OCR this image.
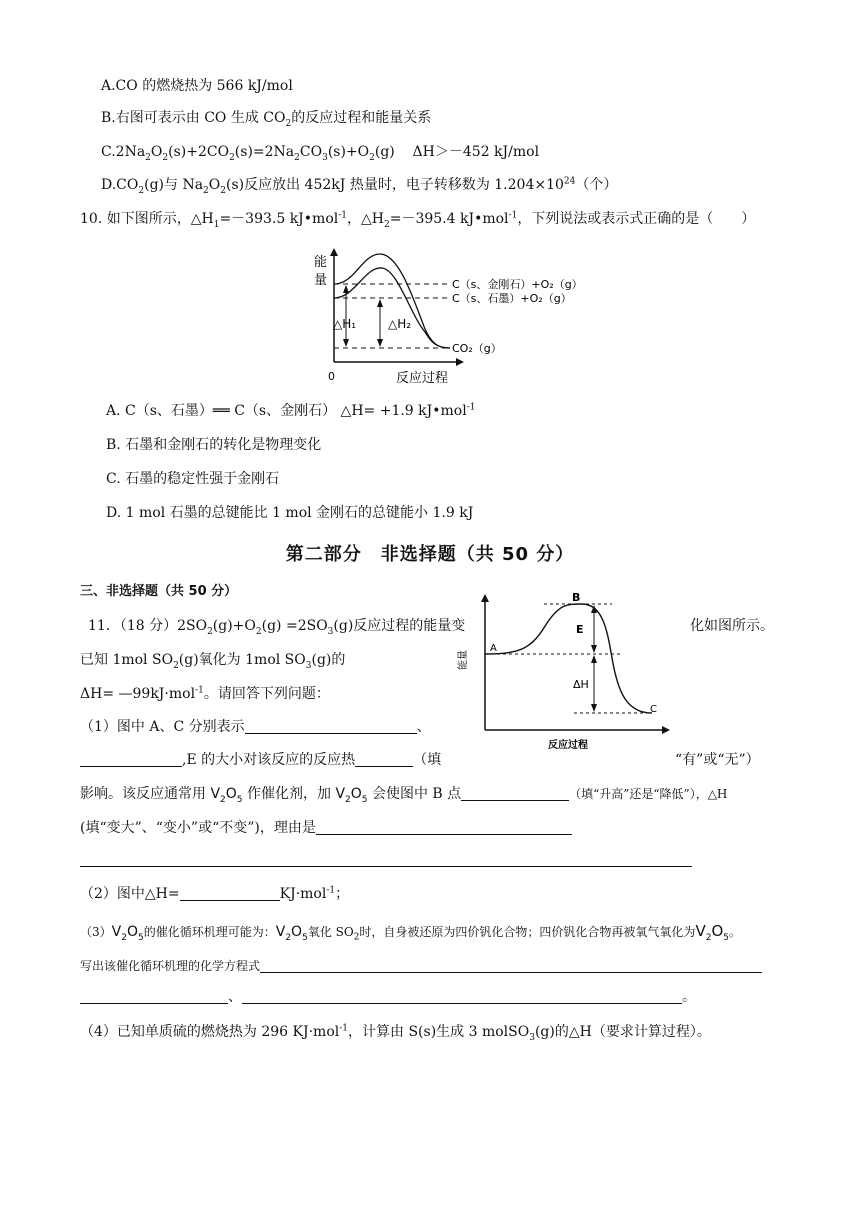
A.CO 的燃烧热为 566 kJ/mol
B.右图可表示由 CO 生成 $CO_2$的反应过程和能量关系
$C.2Na_2O_2(s)+2CO_2(s)=2Na_2CO_3(s)+O_2(g)$    ΔH＞－452 kJ/mol
$D.CO_2(g)$与 $Na_2O_2(s)$反应放出 452kJ 热量时，电子转移数为 $1.204\times 10^{24}$（个）
10. 如下图所示，$\triangle H_1=-393.5$ kJ•mol$^{-1}$，$\triangle H_2=-395.4$ kJ•mol$^{-1}$，下列说法或表示式正确的是（　　）
能
量
0	反应过程
△H₁	△H₂
C（s、金刚石）+O₂（g）
C（s、石墨）+O₂（g）
CO₂（g）
A. C（s、石墨）══ C（s、金刚石） △H= +1.9 kJ•mol$^{-1}$
B. 石墨和金刚石的转化是物理变化
C. 石墨的稳定性强于金刚石
D. 1 mol 石墨的总键能比 1 mol 金刚石的总键能小 1.9 kJ
第二部分　非选择题（共 50 分）
三、非选择题（共 50 分）
能量
反应过程
A
B
C
E
ΔH
11．（18 分）$2SO_2(g)+O_2(g) =2SO_3(g)$反应过程的能量变	化如图所示。
已知 1mol $SO_2(g)$氧化为 1mol $SO_3(g)$的
ΔH= —99kJ·mol$^{-1}$。请回答下列问题：
（1）图中 A、C 分别表示	、
,E 的大小对该反应的反应热	（填	“有”或“无”）
影响。该反应通常用 $V_2O_5$ 作催化剂，加 $V_2O_5$ 会使图中 B 点	（填“升高”还是“降低”），△H
(填“变大”、“变小”或“不变”)，理由是
（2）图中△H=	KJ·mol$^{-1}$；
$(3)V_2O_5$的催化循环机理可能为：$V_2O_5$氧化 $SO_2$时，自身被还原为四价钒化合物；四价钒化合物再被氧气氧化为$V_2O_5$。
写出该催化循环机理的化学方程式
、	。
（4）已知单质硫的燃烧热为 296 KJ·mol$^{-1}$，计算由 S(s)生成 3 molSO$_3$(g)的△H（要求计算过程）。
